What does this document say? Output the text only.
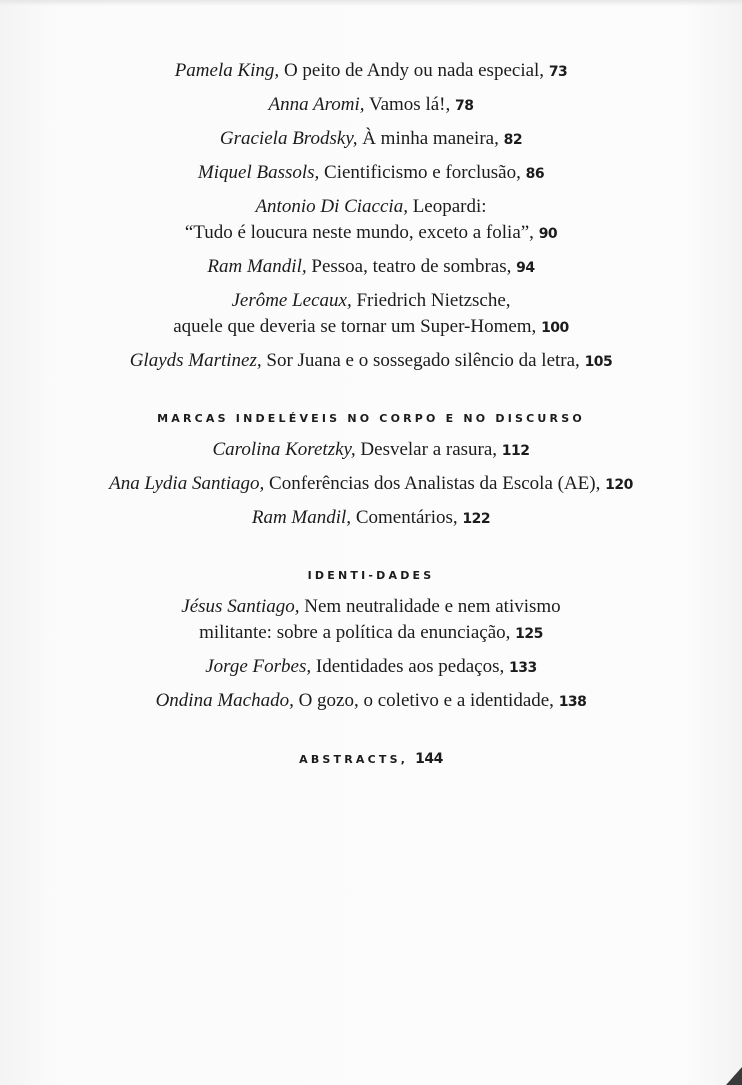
Pamela King, O peito de Andy ou nada especial, 73
Anna Aromi, Vamos lá!, 78
Graciela Brodsky, À minha maneira, 82
Miquel Bassols, Cientificismo e forclusão, 86
Antonio Di Ciaccia, Leopardi:
“Tudo é loucura neste mundo, exceto a folia”, 90
Ram Mandil, Pessoa, teatro de sombras, 94
Jerôme Lecaux, Friedrich Nietzsche,
aquele que deveria se tornar um Super-Homem, 100
Glayds Martinez, Sor Juana e o sossegado silêncio da letra, 105
MARCAS INDELÉVEIS NO CORPO E NO DISCURSO
Carolina Koretzky, Desvelar a rasura, 112
Ana Lydia Santiago, Conferências dos Analistas da Escola (AE), 120
Ram Mandil, Comentários, 122
IDENTI-DADES
Jésus Santiago, Nem neutralidade e nem ativismo
militante: sobre a política da enunciação, 125
Jorge Forbes, Identidades aos pedaços, 133
Ondina Machado, O gozo, o coletivo e a identidade, 138
ABSTRACTS, 144
